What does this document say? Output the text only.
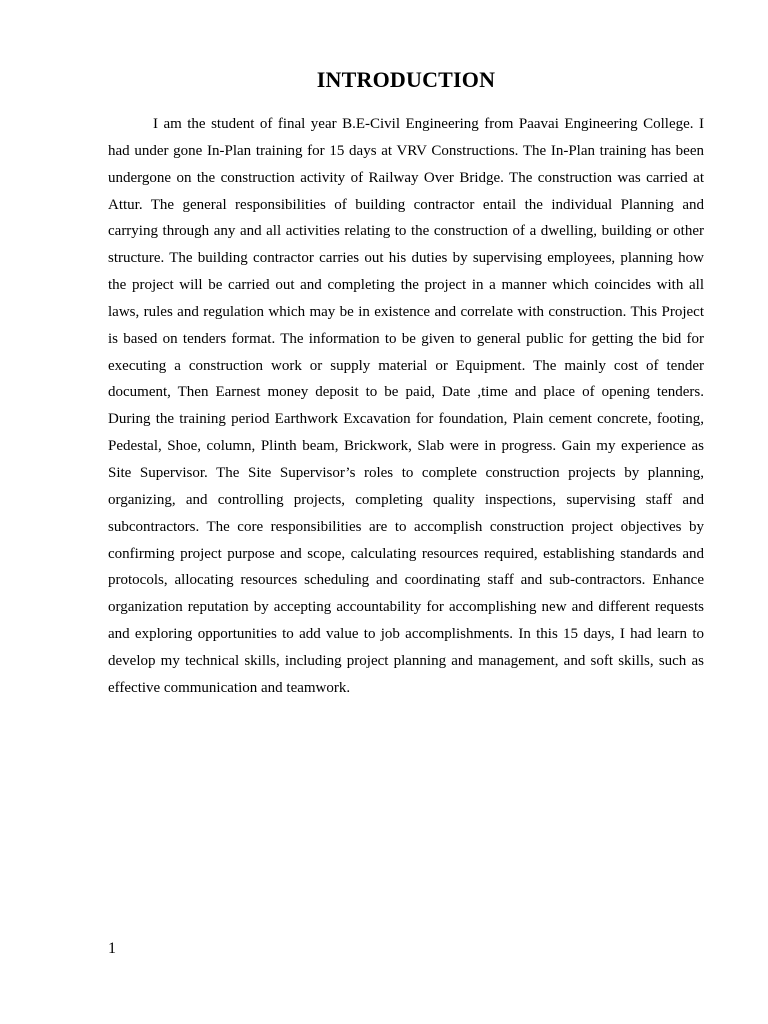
INTRODUCTION

I am the student of final year B.E-Civil Engineering from Paavai Engineering College. I had under gone In-Plan training for 15 days at VRV Constructions. The In-Plan training has been undergone on the construction activity of Railway Over Bridge. The construction was carried at Attur. The general responsibilities of building contractor entail the individual Planning and carrying through any and all activities relating to the construction of a dwelling, building or other structure. The building contractor carries out his duties by supervising employees, planning how the project will be carried out and completing the project in a manner which coincides with all laws, rules and regulation which may be in existence and correlate with construction. This Project is based on tenders format. The information to be given to general public for getting the bid for executing a construction work or supply material or Equipment. The mainly cost of tender document, Then Earnest money deposit to be paid, Date ,time and place of opening tenders. During the training period Earthwork Excavation for foundation, Plain cement concrete, footing, Pedestal, Shoe, column, Plinth beam, Brickwork, Slab were in progress. Gain my experience as Site Supervisor. The Site Supervisor’s roles to complete construction projects by planning, organizing, and controlling projects, completing quality inspections, supervising staff and subcontractors. The core responsibilities are to accomplish construction project objectives by confirming project purpose and scope, calculating resources required, establishing standards and protocols, allocating resources scheduling and coordinating staff and sub-contractors. Enhance organization reputation by accepting accountability for accomplishing new and different requests and exploring opportunities to add value to job accomplishments. In this 15 days, I had learn to develop my technical skills, including project planning and management, and soft skills, such as effective communication and teamwork.

1
